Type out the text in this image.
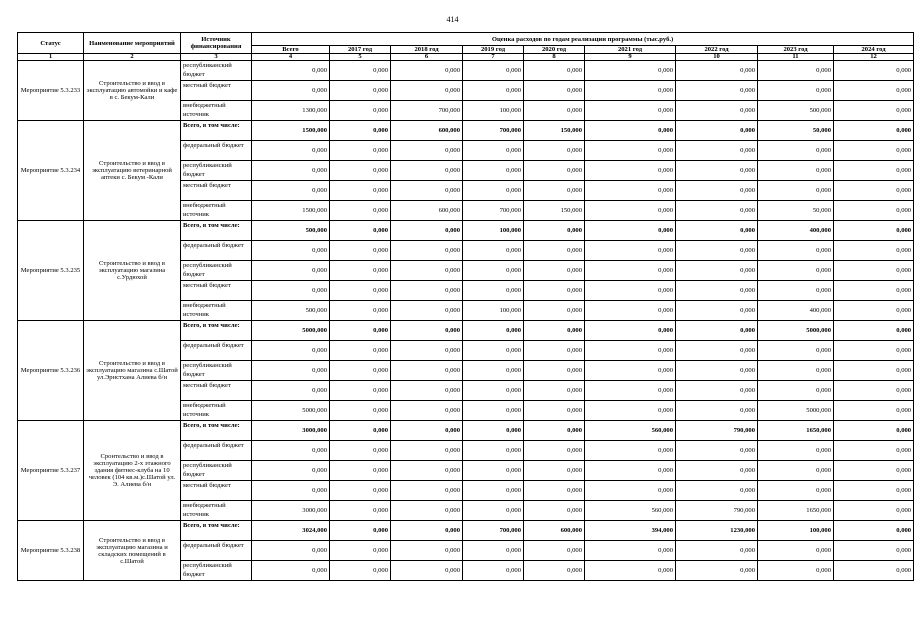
414
Статус	Наименование мероприятий	Источник финансирования	Оценка расходов по годам реализации программы (тыс.руб.)								
			Всего	2017 год	2018 год	2019 год	2020 год	2021 год	2022 год	2023 год	2024 год
1	2	3	4	5	6	7	8	9	10	11	12
Мероприятие 5.3.233	Строительство и ввод в эксплуатацию автомойки и кафе в с. Бекум-Кали	республиканский бюджет	0,000	0,000	0,000	0,000	0,000	0,000	0,000	0,000	0,000
		местный бюджет	0,000	0,000	0,000	0,000	0,000	0,000	0,000	0,000	0,000
		внебюджетный источник	1300,000	0,000	700,000	100,000	0,000	0,000	0,000	500,000	0,000
Мероприятие 5.3.234	Строительство и ввод в эксплуатацию ветеринарной аптеки с. Бекум -Кали	Всего, в том числе:	1500,000	0,000	600,000	700,000	150,000	0,000	0,000	50,000	0,000
		федеральный бюджет	0,000	0,000	0,000	0,000	0,000	0,000	0,000	0,000	0,000
		республиканский бюджет	0,000	0,000	0,000	0,000	0,000	0,000	0,000	0,000	0,000
		местный бюджет	0,000	0,000	0,000	0,000	0,000	0,000	0,000	0,000	0,000
		внебюджетный источник	1500,000	0,000	600,000	700,000	150,000	0,000	0,000	50,000	0,000
Мероприятие 5.3.235	Строительство и ввод в эксплуатацию магазина с.Урдюхой	Всего, в том числе:	500,000	0,000	0,000	100,000	0,000	0,000	0,000	400,000	0,000
		федеральный бюджет	0,000	0,000	0,000	0,000	0,000	0,000	0,000	0,000	0,000
		республиканский бюджет	0,000	0,000	0,000	0,000	0,000	0,000	0,000	0,000	0,000
		местный бюджет	0,000	0,000	0,000	0,000	0,000	0,000	0,000	0,000	0,000
		внебюджетный источник	500,000	0,000	0,000	100,000	0,000	0,000	0,000	400,000	0,000
Мероприятие 5.3.236	Строительство и ввод в эксплуатацию магазина с.Шатой ул.Эрнстхана Алиева б/н	Всего, в том числе:	5000,000	0,000	0,000	0,000	0,000	0,000	0,000	5000,000	0,000
		федеральный бюджет	0,000	0,000	0,000	0,000	0,000	0,000	0,000	0,000	0,000
		республиканский бюджет	0,000	0,000	0,000	0,000	0,000	0,000	0,000	0,000	0,000
		местный бюджет	0,000	0,000	0,000	0,000	0,000	0,000	0,000	0,000	0,000
		внебюджетный источник	5000,000	0,000	0,000	0,000	0,000	0,000	0,000	5000,000	0,000
Мероприятие 5.3.237	Сронтельство и ввод в эксплуатацию 2-х этажного здания фитнес-клуба на 10 человек (104 кв.м.)с.Шатой ул. Э. Алиева б/н	Всего, в том числе:	3000,000	0,000	0,000	0,000	0,000	560,000	790,000	1650,000	0,000
		федеральный бюджет	0,000	0,000	0,000	0,000	0,000	0,000	0,000	0,000	0,000
		республиканский бюджет	0,000	0,000	0,000	0,000	0,000	0,000	0,000	0,000	0,000
		местный бюджет	0,000	0,000	0,000	0,000	0,000	0,000	0,000	0,000	0,000
		внебюджетный источник	3000,000	0,000	0,000	0,000	0,000	560,000	790,000	1650,000	0,000
Мероприятие 5.3.238	Строительство и ввод в эксплуатацию магазина и складских помещений в с.Шатой	Всего, в том числе:	3024,000	0,000	0,000	700,000	600,000	394,000	1230,000	100,000	0,000
		федеральный бюджет	0,000	0,000	0,000	0,000	0,000	0,000	0,000	0,000	0,000
		республиканский бюджет	0,000	0,000	0,000	0,000	0,000	0,000	0,000	0,000	0,000
